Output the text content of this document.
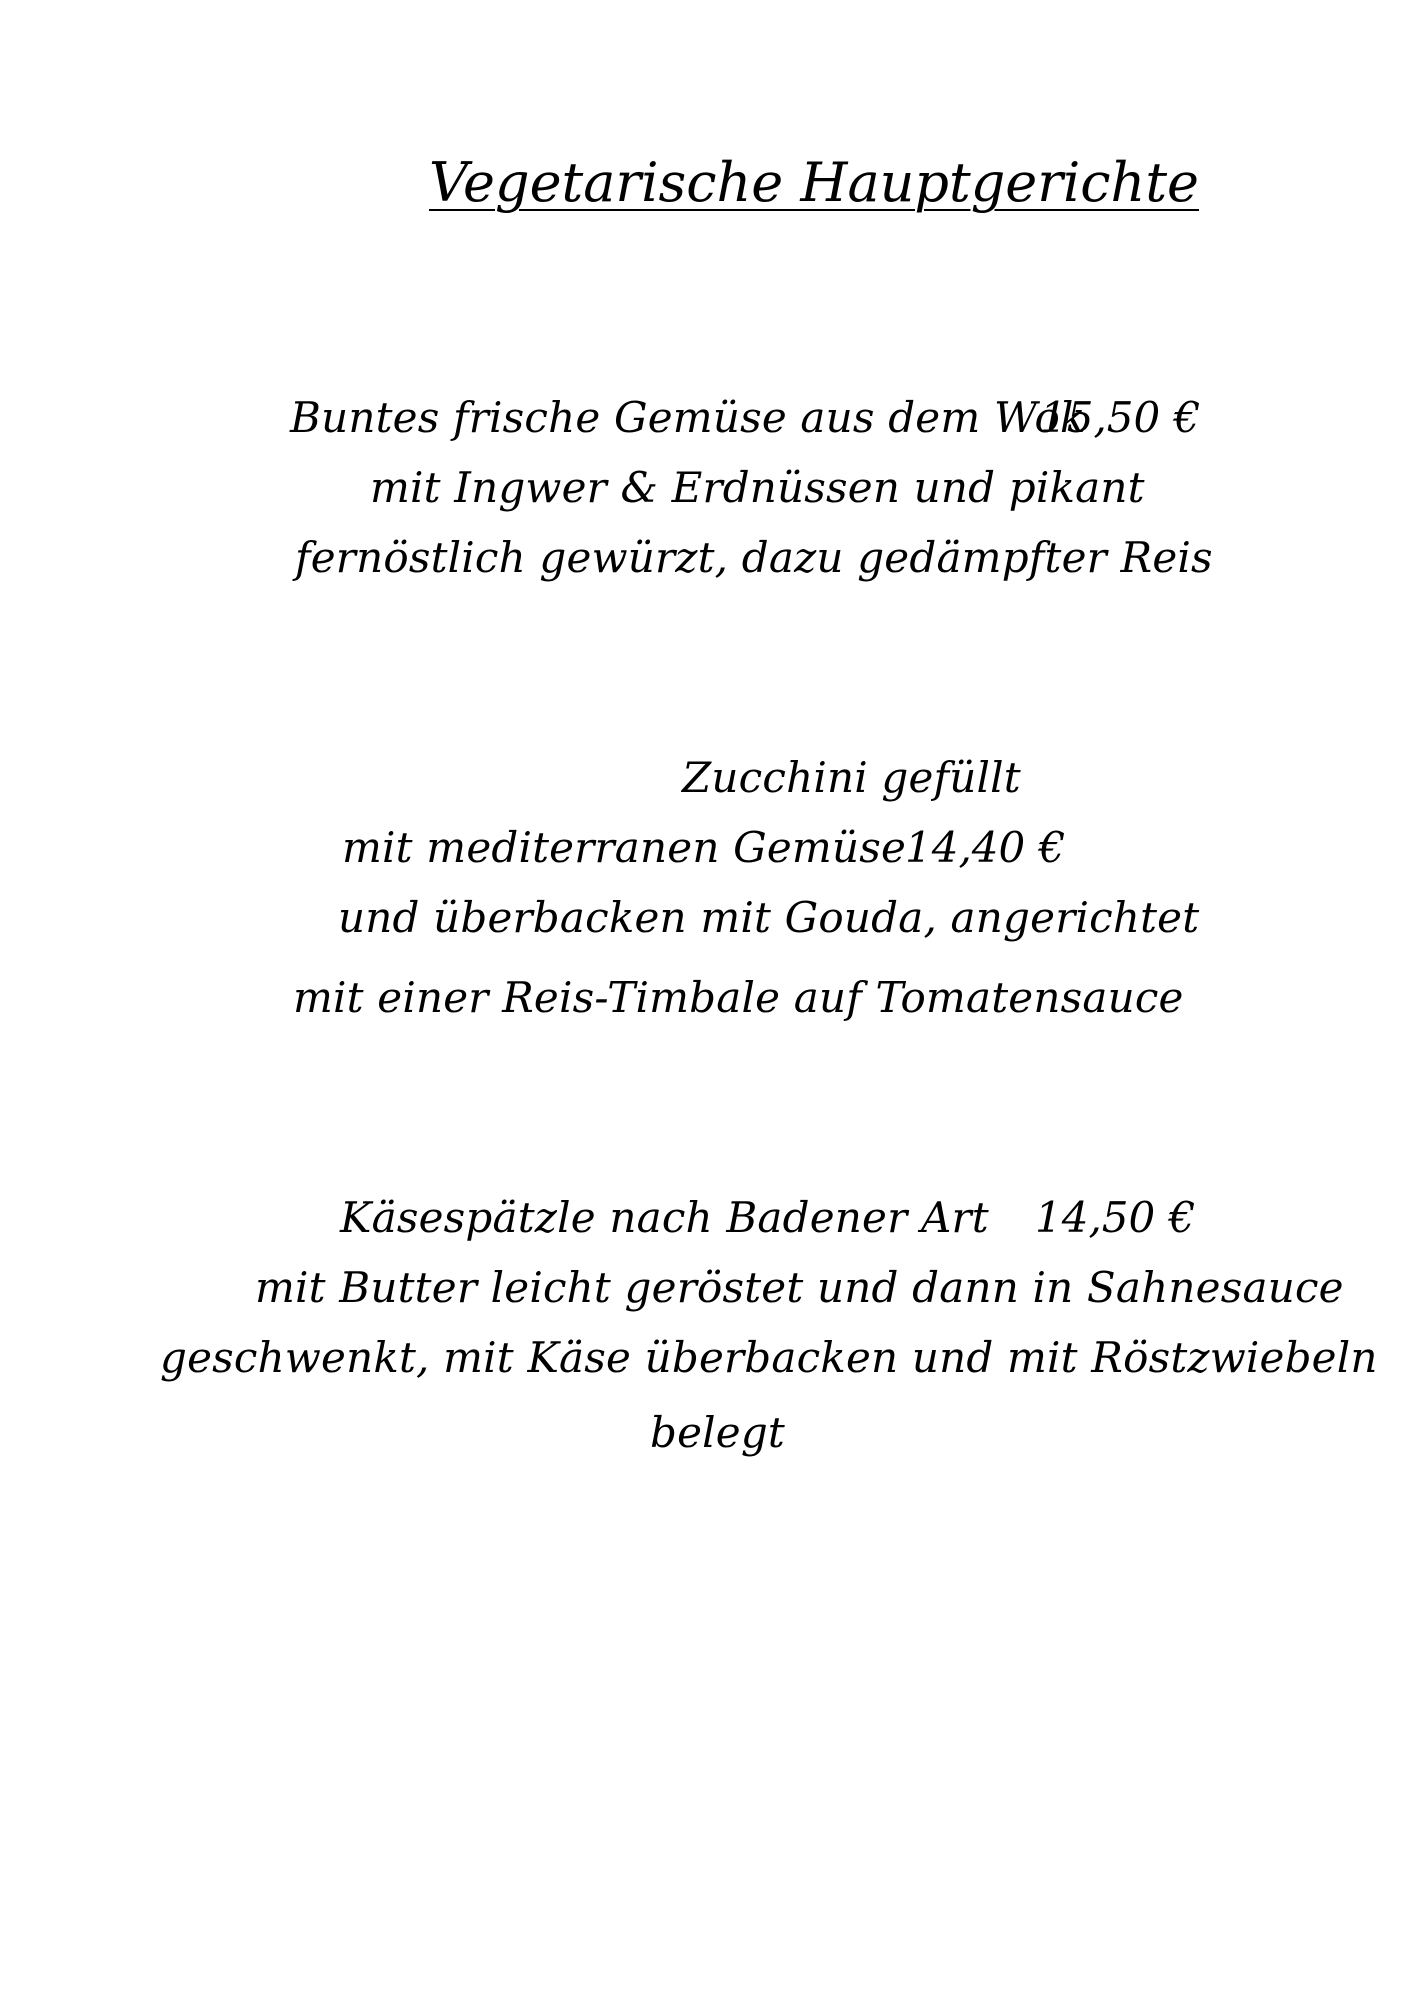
Vegetarische Hauptgerichte
Buntes frische Gemüse aus dem Wok
15,50 €
mit Ingwer & Erdnüssen und pikant
fernöstlich gewürzt, dazu gedämpfter Reis
Zucchini gefüllt
mit mediterranen Gemüse
14,40 €
und überbacken mit Gouda, angerichtet
mit einer Reis-Timbale auf Tomatensauce
Käsespätzle nach Badener Art 14,50 €
mit Butter leicht geröstet und dann in Sahnesauce
geschwenkt, mit Käse überbacken und mit Röstzwiebeln
belegt
